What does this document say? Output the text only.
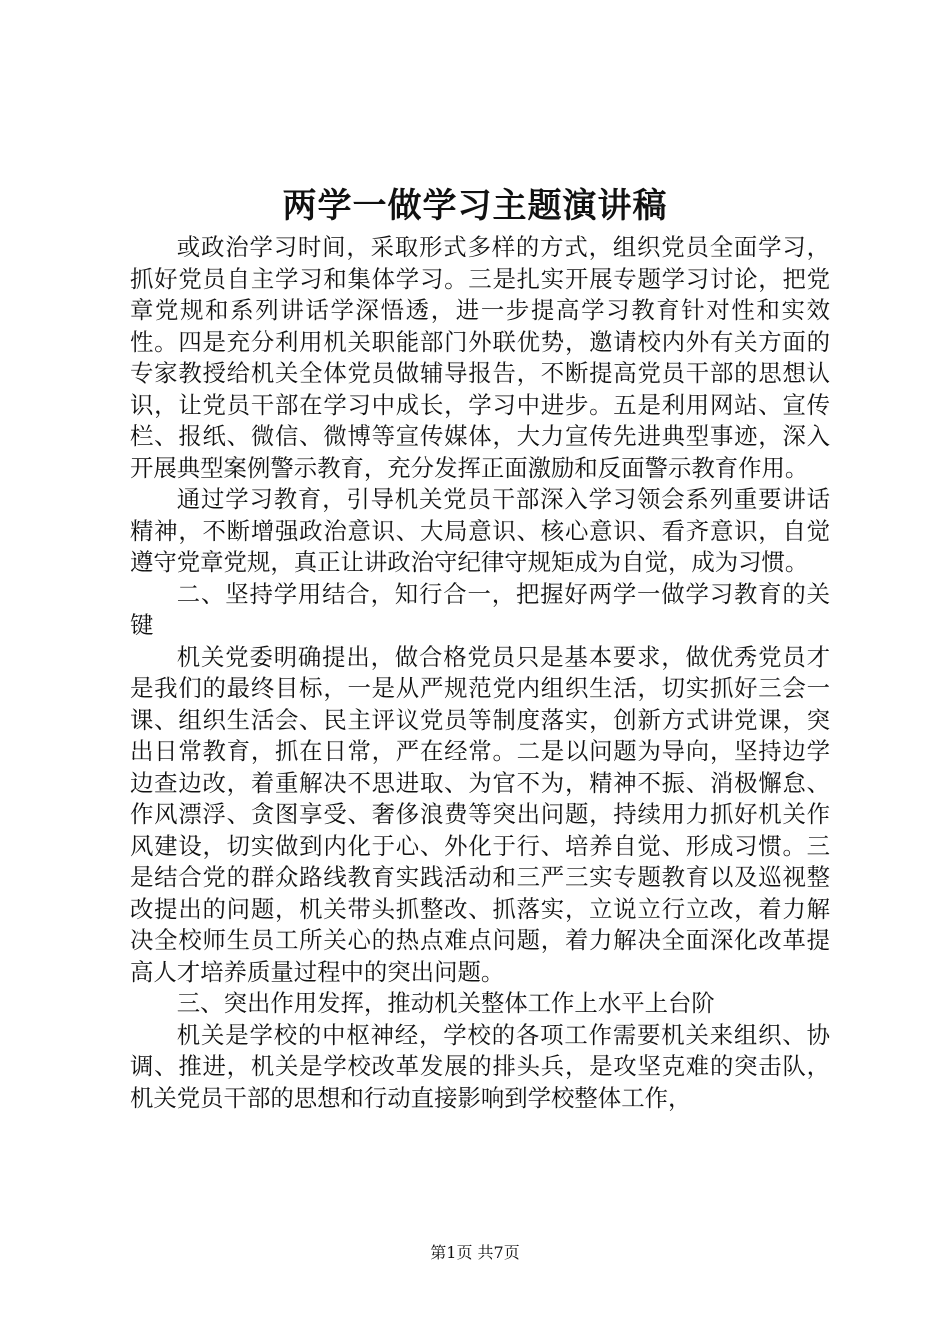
两学一做学习主题演讲稿

或政治学习时间，采取形式多样的方式，组织党员全面学习，抓好党员自主学习和集体学习。三是扎实开展专题学习讨论，把党章党规和系列讲话学深悟透，进一步提高学习教育针对性和实效性。四是充分利用机关职能部门外联优势，邀请校内外有关方面的专家教授给机关全体党员做辅导报告，不断提高党员干部的思想认识，让党员干部在学习中成长，学习中进步。五是利用网站、宣传栏、报纸、微信、微博等宣传媒体，大力宣传先进典型事迹，深入开展典型案例警示教育，充分发挥正面激励和反面警示教育作用。

通过学习教育，引导机关党员干部深入学习领会系列重要讲话精神，不断增强政治意识、大局意识、核心意识、看齐意识，自觉遵守党章党规，真正让讲政治守纪律守规矩成为自觉，成为习惯。

二、坚持学用结合，知行合一，把握好两学一做学习教育的关键

机关党委明确提出，做合格党员只是基本要求，做优秀党员才是我们的最终目标，一是从严规范党内组织生活，切实抓好三会一课、组织生活会、民主评议党员等制度落实，创新方式讲党课，突出日常教育，抓在日常，严在经常。二是以问题为导向，坚持边学边查边改，着重解决不思进取、为官不为，精神不振、消极懈怠、作风漂浮、贪图享受、奢侈浪费等突出问题，持续用力抓好机关作风建设，切实做到内化于心、外化于行、培养自觉、形成习惯。三是结合党的群众路线教育实践活动和三严三实专题教育以及巡视整改提出的问题，机关带头抓整改、抓落实，立说立行立改，着力解决全校师生员工所关心的热点难点问题，着力解决全面深化改革提高人才培养质量过程中的突出问题。

三、突出作用发挥，推动机关整体工作上水平上台阶

机关是学校的中枢神经，学校的各项工作需要机关来组织、协调、推进，机关是学校改革发展的排头兵，是攻坚克难的突击队，机关党员干部的思想和行动直接影响到学校整体工作，

第1页 共7页
